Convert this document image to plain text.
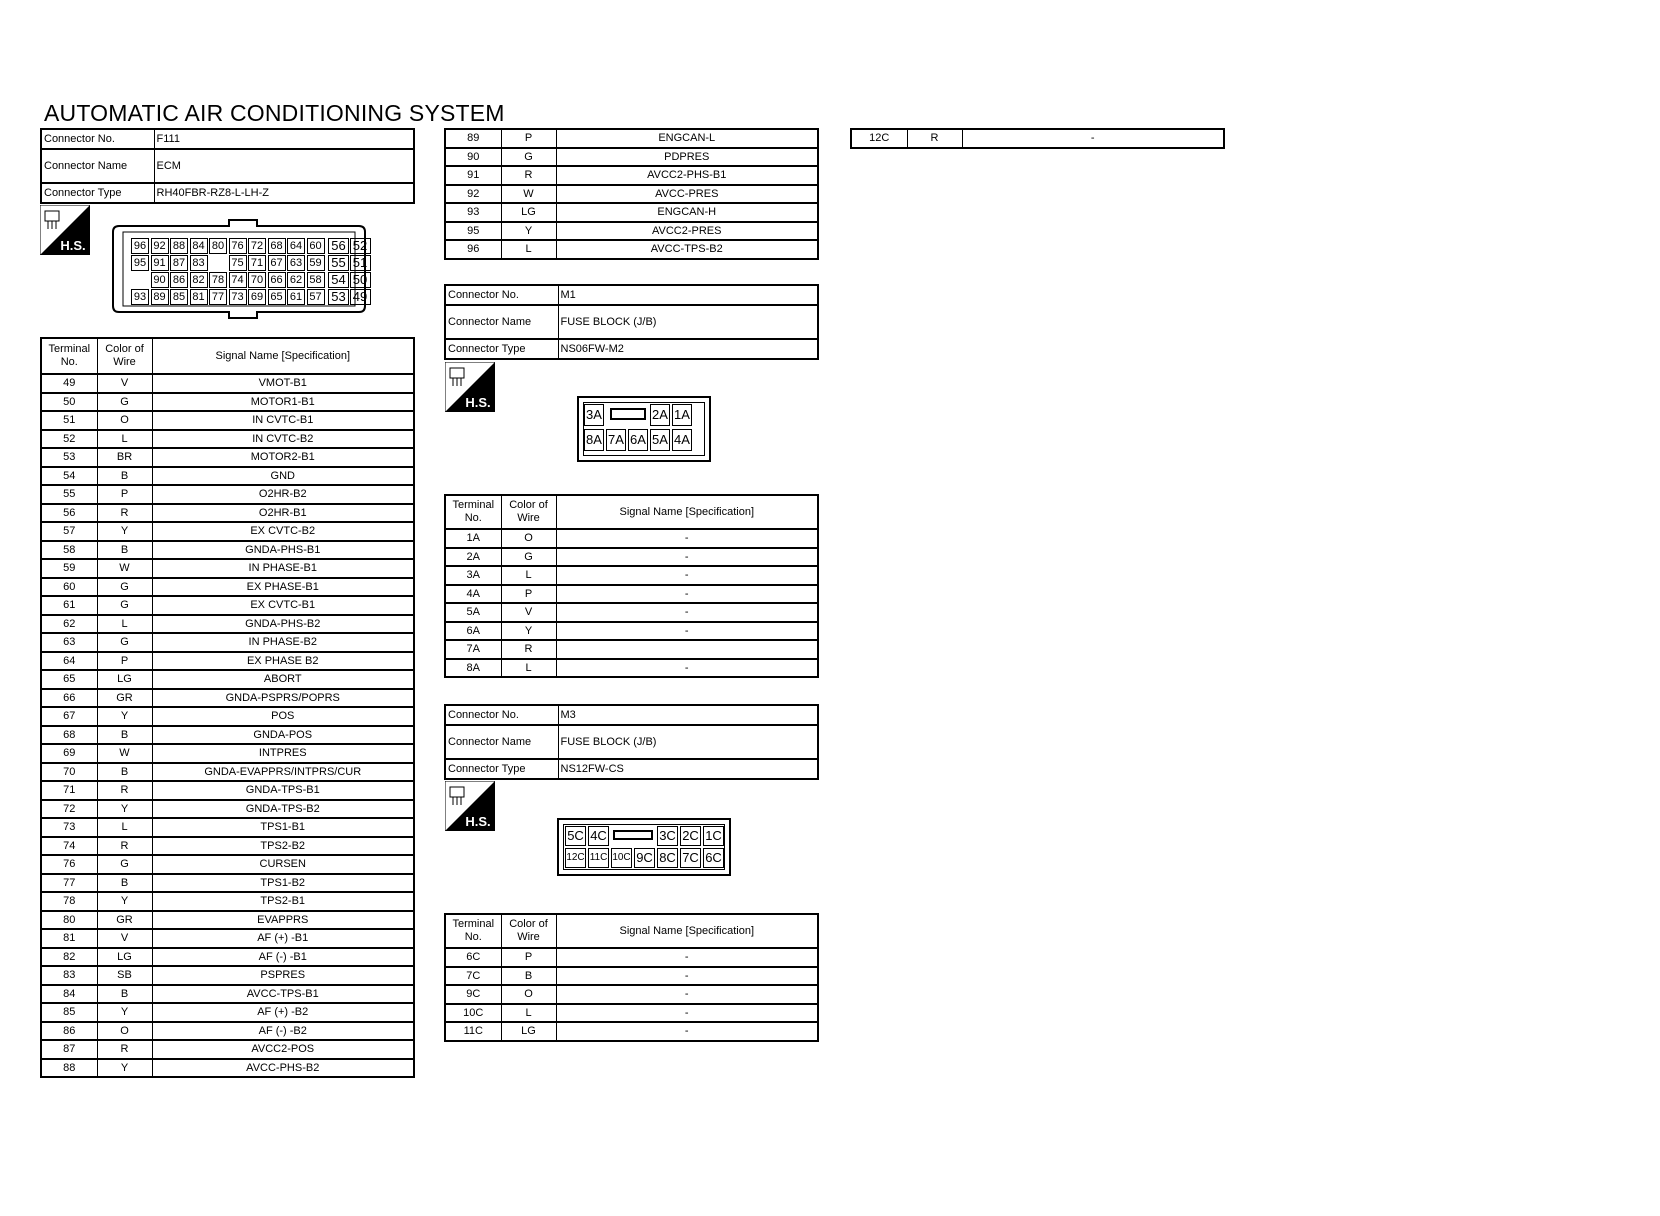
AUTOMATIC AIR CONDITIONING SYSTEM
Connector No.	F111
Connector Name	ECM
Connector Type	RH40FBR-RZ8-L-LH-Z
H.S.	96 92 88 84 80 76 72 68 64 60 56 52
95 91 87 83 75 71 67 63 59 55 51
90 86 82 78 74 70 66 62 58 54 50
93 89 85 81 77 73 69 65 61 57 53 49
Terminal No.	Color of Wire	Signal Name [Specification]
49	V	VMOT-B1
50	G	MOTOR1-B1
51	O	IN CVTC-B1
52	L	IN CVTC-B2
53	BR	MOTOR2-B1
54	B	GND
55	P	O2HR-B2
56	R	O2HR-B1
57	Y	EX CVTC-B2
58	B	GNDA-PHS-B1
59	W	IN PHASE-B1
60	G	EX PHASE-B1
61	G	EX CVTC-B1
62	L	GNDA-PHS-B2
63	G	IN PHASE-B2
64	P	EX PHASE B2
65	LG	ABORT
66	GR	GNDA-PSPRS/POPRS
67	Y	POS
68	B	GNDA-POS
69	W	INTPRES
70	B	GNDA-EVAPPRS/INTPRS/CUR
71	R	GNDA-TPS-B1
72	Y	GNDA-TPS-B2
73	L	TPS1-B1
74	R	TPS2-B2
76	G	CURSEN
77	B	TPS1-B2
78	Y	TPS2-B1
80	GR	EVAPPRS
81	V	AF (+) -B1
82	LG	AF (-) -B1
83	SB	PSPRES
84	B	AVCC-TPS-B1
85	Y	AF (+) -B2
86	O	AF (-) -B2
87	R	AVCC2-POS
88	Y	AVCC-PHS-B2
89	P	ENGCAN-L
90	G	PDPRES
91	R	AVCC2-PHS-B1
92	W	AVCC-PRES
93	LG	ENGCAN-H
95	Y	AVCC2-PRES
96	L	AVCC-TPS-B2
Connector No.	M1
Connector Name	FUSE BLOCK (J/B)
Connector Type	NS06FW-M2
H.S.
3A	2A 1A
8A 7A 6A 5A 4A
Terminal No.	Color of Wire	Signal Name [Specification]
1A	O	-
2A	G	-
3A	L	-
4A	P	-
5A	V	-
6A	Y	-
7A	R	
8A	L	-
Connector No.	M3
Connector Name	FUSE BLOCK (J/B)
Connector Type	NS12FW-CS
H.S.
5C 4C	3C 2C 1C
12C 11C 10C 9C 8C 7C 6C
Terminal No.	Color of Wire	Signal Name [Specification]
6C	P	-
7C	B	-
9C	O	-
10C	L	-
11C	LG	-
12C	R	-
